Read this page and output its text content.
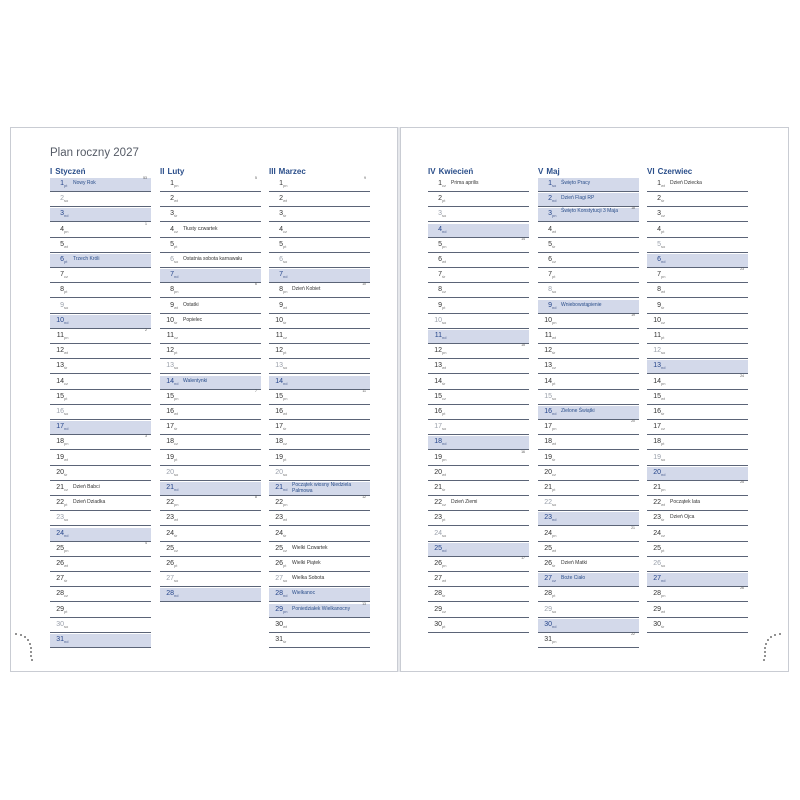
Plan roczny 2027
I Styczeń
1 pt Nowy Rok
53
2 so
3 nd
4 pn
1
5 wt
6 pt Trzech Króli
7 cz
8 pt
9 so
10 nd
11 pn
2
12 wt
13 śr
14 cz
15 pt
16 so
17 nd
18 pn
3
19 wt
20 śr
21 cz Dzień Babci
22 pt Dzień Dziadka
23 so
24 nd
25 pn
4
26 wt
27 śr
28 cz
29 pt
30 so
31 nd
II Luty
1 pn
5
2 wt
3 śr
4 cz Tłusty czwartek
5 pt
6 so Ostatnia sobota karnawału
7 nd
8 pn
6
9 wt Ostatki
10 śr Popielec
11 cz
12 pt
13 so
14 nd Walentynki
15 pn
7
16 wt
17 śr
18 cz
19 pt
20 so
21 nd
22 pn
8
23 wt
24 śr
25 cz
26 pt
27 so
28 nd
III Marzec
1 pn
9
2 wt
3 śr
4 cz
5 pt
6 so
7 nd
8 pn Dzień Kobiet
10
9 wt
10 śr
11 cz
12 pt
13 so
14 nd
15 pn
11
16 wt
17 śr
18 cz
19 pt
20 so
21 nd
Początek wiosny Niedziela Palmowa
22 pn
12
23 wt
24 śr
25 cz Wielki Czwartek
26 pt Wielki Piątek
27 so Wielka Sobota
28 nd Wielkanoc
29 pn Poniedziałek Wielkanocny
13
30 wt
31 śr
IV Kwiecień
1 cz Prima aprilis
2 pt
3 so
4 nd
5 pn
14
6 wt
7 śr
8 cz
9 pt
10 so
11 nd
12 pn
15
13 wt
14 śr
15 cz
16 pt
17 so
18 nd
19 pn
16
20 wt
21 śr
22 cz Dzień Ziemi
23 pt
24 so
25 nd
26 pn
17
27 wt
28 śr
29 cz
30 pt
V Maj
1 so Święto Pracy
2 nd Dzień Flagi RP
3 pn
Święto Konstytucji 3 Maja	18
4 wt
5 śr
6 cz
7 pt
8 so
9 nd Wniebowstąpienie
10 pn
19
11 wt
12 śr
13 cz
14 pt
15 so
16 nd Zielone Świątki
17 pn
20
18 wt
19 śr
20 cz
21 pt
22 so
23 nd
24 pn
21
25 wt
26 śr Dzień Matki
27 cz Boże Ciało
28 pt
29 so
30 nd
31 pn
22
VI Czerwiec
1 wt Dzień Dziecka
2 śr
3 cz
4 pt
5 so
6 nd
7 pn
23
8 wt
9 śr
10 cz
11 pt
12 so
13 nd
14 pn
24
15 wt
16 śr
17 cz
18 pt
19 so
20 nd
21 pn
25
22 wt Początek lata
23 śr Dzień Ojca
24 cz
25 pt
26 so
27 nd
28 pn
26
29 wt
30 śr
